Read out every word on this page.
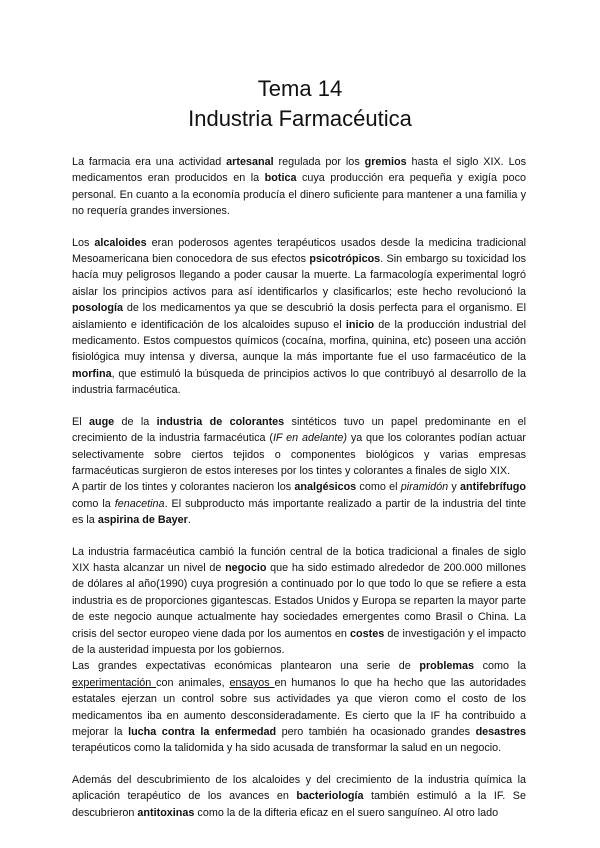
Tema 14
Industria Farmacéutica

La farmacia era una actividad artesanal regulada por los gremios hasta el siglo XIX. Los medicamentos eran producidos en la botica cuya producción era pequeña y exigía poco personal. En cuanto a la economía producía el dinero suficiente para mantener a una familia y no requería grandes inversiones.

Los alcaloides eran poderosos agentes terapéuticos usados desde la medicina tradicional Mesoamericana bien conocedora de sus efectos psicotrópicos. Sin embargo su toxicidad los hacía muy peligrosos llegando a poder causar la muerte. La farmacología experimental logró aislar los principios activos para así identificarlos y clasificarlos; este hecho revolucionó la posología de los medicamentos ya que se descubrió la dosis perfecta para el organismo. El aislamiento e identificación de los alcaloides supuso el inicio de la producción industrial del medicamento. Estos compuestos químicos (cocaína, morfina, quinina, etc) poseen una acción fisiológica muy intensa y diversa, aunque la más importante fue el uso farmacéutico de la morfina, que estimuló la búsqueda de principios activos lo que contribuyó al desarrollo de la industria farmacéutica.

El auge de la industria de colorantes sintéticos tuvo un papel predominante en el crecimiento de la industria farmacéutica (IF en adelante) ya que los colorantes podían actuar selectivamente sobre ciertos tejidos o componentes biológicos y varias empresas farmacéuticas surgieron de estos intereses por los tintes y colorantes a finales de siglo XIX.

A partir de los tintes y colorantes nacieron los analgésicos como el piramidón y antifebrífugo como la fenacetina. El subproducto más importante realizado a partir de la industria del tinte es la aspirina de Bayer.

La industria farmacéutica cambió la función central de la botica tradicional a finales de siglo XIX hasta alcanzar un nivel de negocio que ha sido estimado alrededor de 200.000 millones de dólares al año(1990) cuya progresión a continuado por lo que todo lo que se refiere a esta industria es de proporciones gigantescas. Estados Unidos y Europa se reparten la mayor parte de este negocio aunque actualmente hay sociedades emergentes como Brasil o China. La crisis del sector europeo viene dada por los aumentos en costes de investigación y el impacto de la austeridad impuesta por los gobiernos.

Las grandes expectativas económicas plantearon una serie de problemas como la experimentación con animales, ensayos en humanos lo que ha hecho que las autoridades estatales ejerzan un control sobre sus actividades ya que vieron como el costo de los medicamentos iba en aumento desconsideradamente. Es cierto que la IF ha contribuido a mejorar la lucha contra la enfermedad pero también ha ocasionado grandes desastres terapéuticos como la talidomida y ha sido acusada de transformar la salud en un negocio.

Además del descubrimiento de los alcaloides y del crecimiento de la industria química la aplicación terapéutico de los avances en bacteriología también estimuló a la IF. Se descubrieron antitoxinas como la de la difteria eficaz en el suero sanguíneo. Al otro lado
